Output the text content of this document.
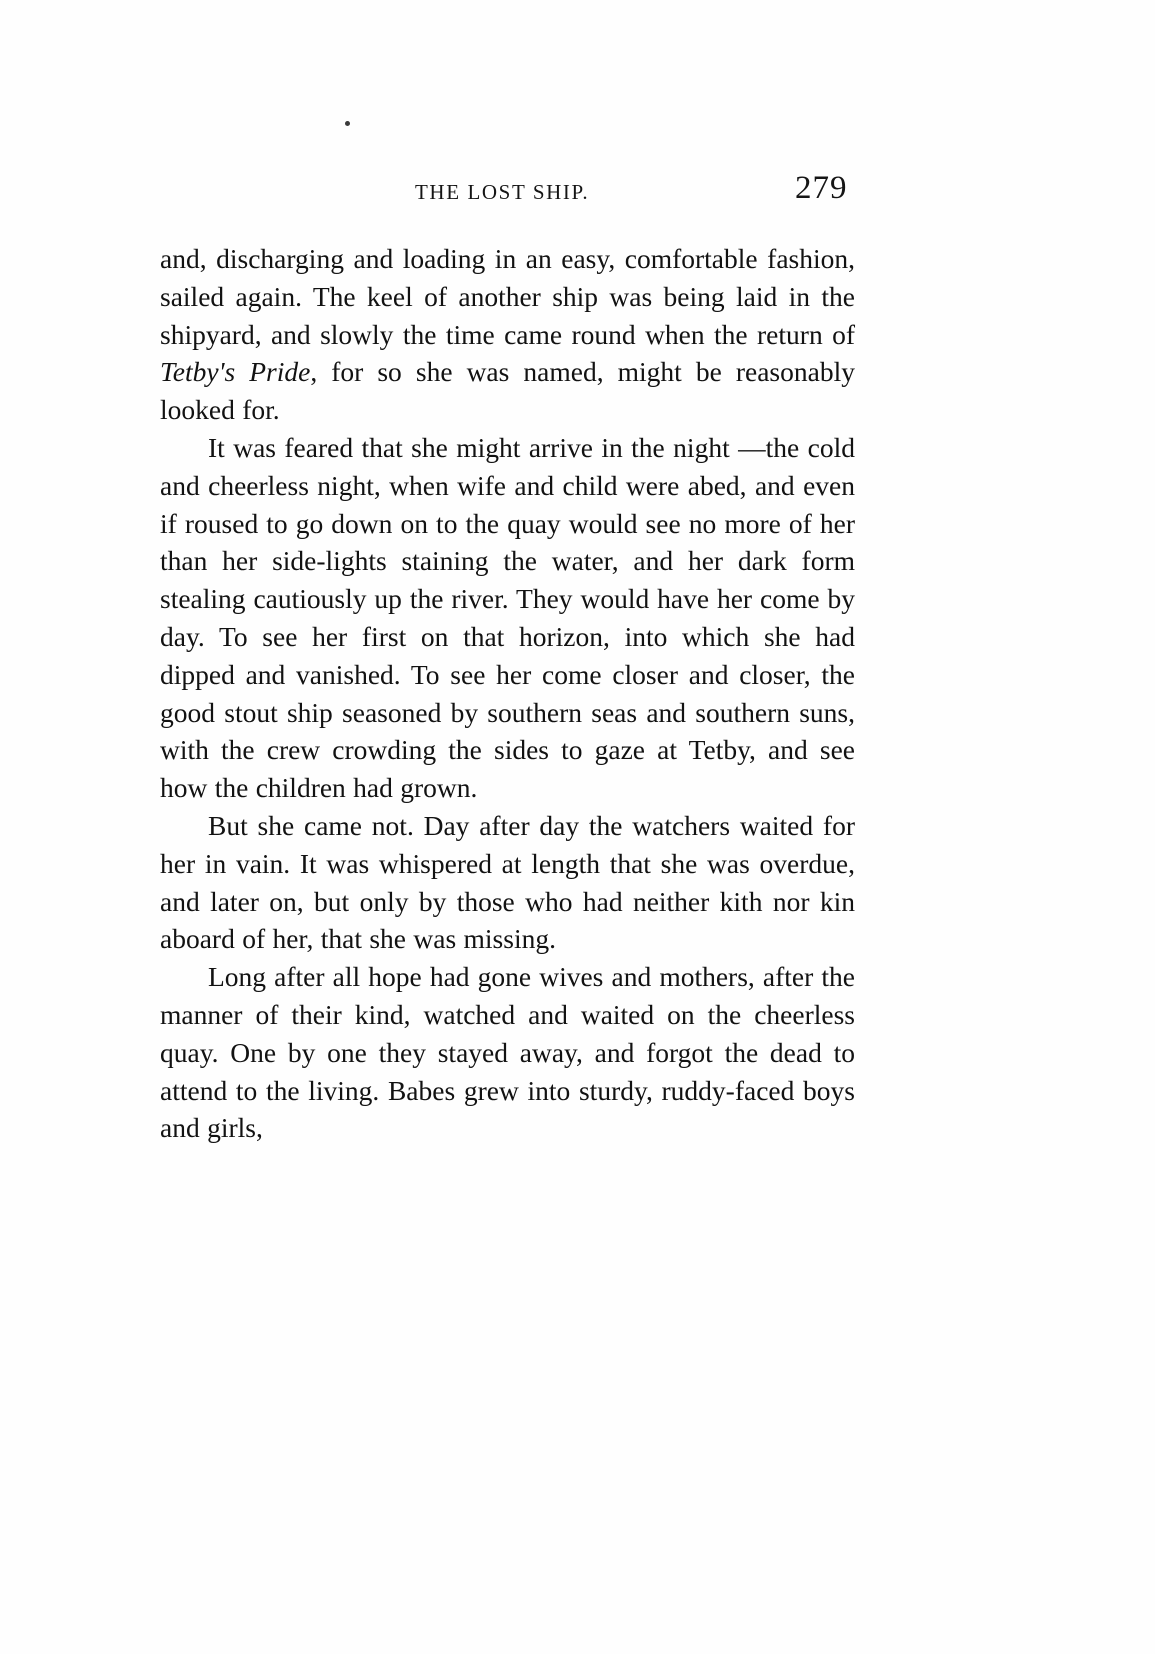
THE LOST SHIP.	279

and, discharging and loading in an easy, comfortable fashion, sailed again. The keel of another ship was being laid in the shipyard, and slowly the time came round when the return of Tetby's Pride, for so she was named, might be reasonably looked for.

It was feared that she might arrive in the night —the cold and cheerless night, when wife and child were abed, and even if roused to go down on to the quay would see no more of her than her side-lights staining the water, and her dark form stealing cautiously up the river. They would have her come by day. To see her first on that horizon, into which she had dipped and vanished. To see her come closer and closer, the good stout ship seasoned by southern seas and southern suns, with the crew crowding the sides to gaze at Tetby, and see how the children had grown.

But she came not. Day after day the watchers waited for her in vain. It was whispered at length that she was overdue, and later on, but only by those who had neither kith nor kin aboard of her, that she was missing.

Long after all hope had gone wives and mothers, after the manner of their kind, watched and waited on the cheerless quay. One by one they stayed away, and forgot the dead to attend to the living. Babes grew into sturdy, ruddy-faced boys and girls,
